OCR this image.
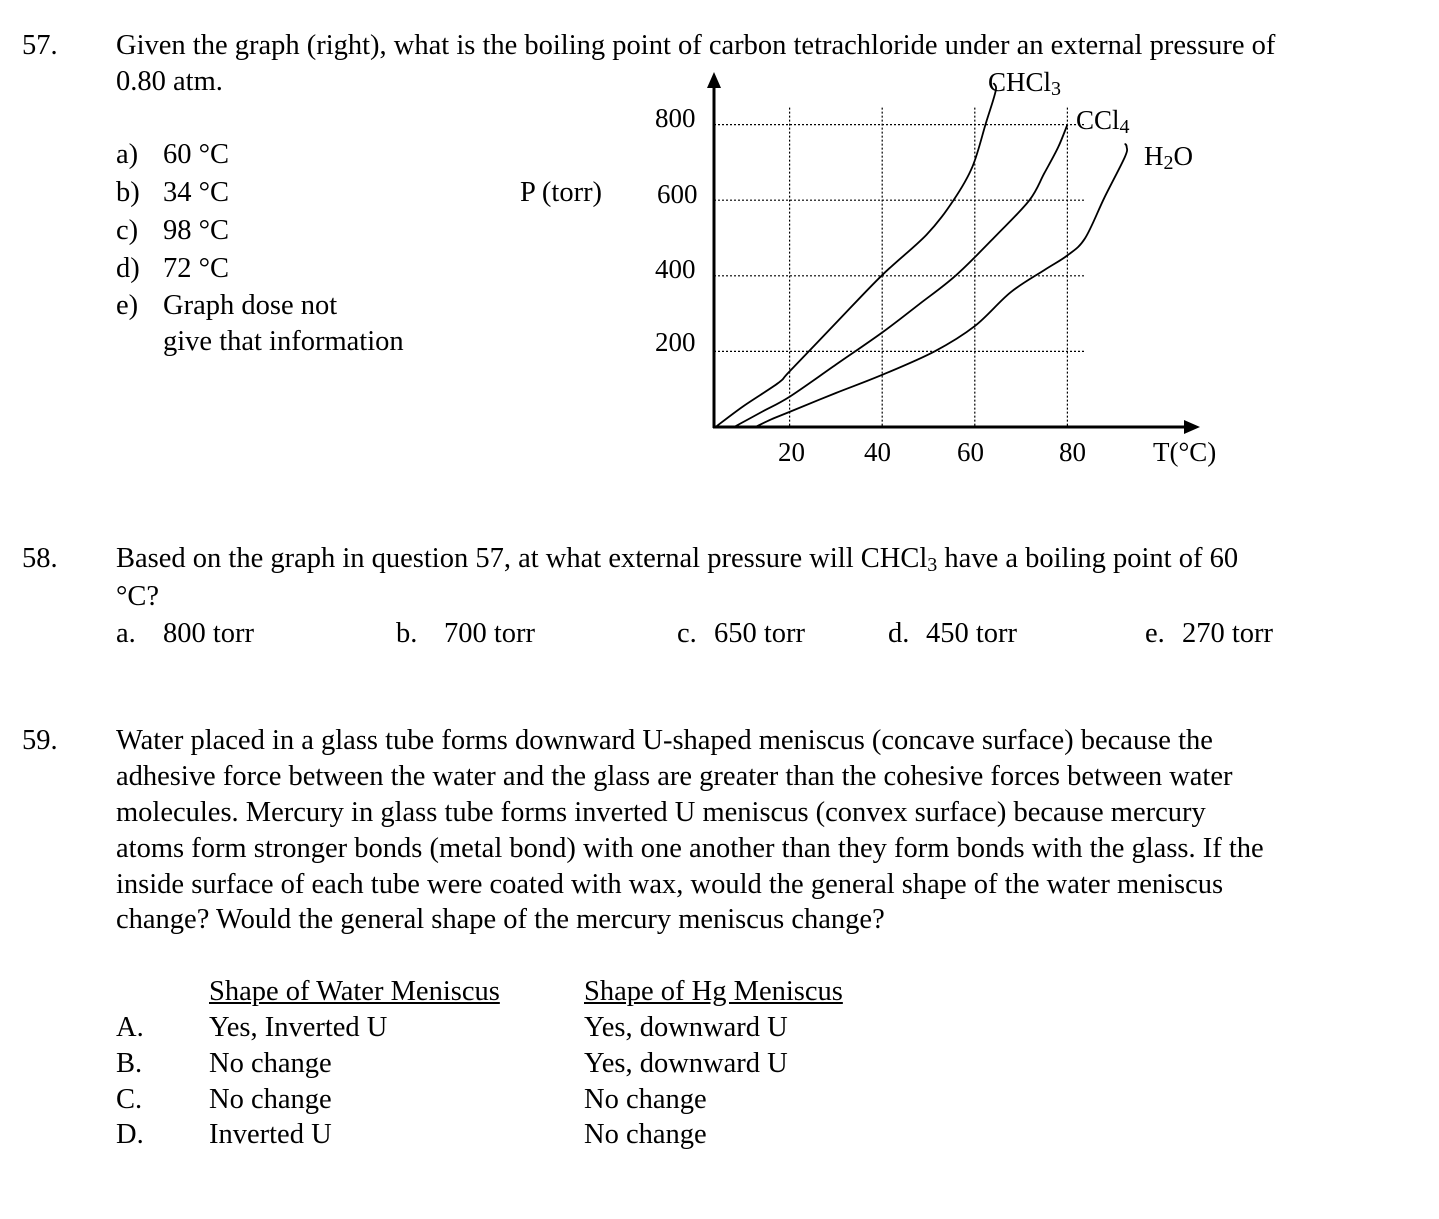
57. Given the graph (right), what is the boiling point of carbon tetrachloride under an external pressure of
0.80 atm.
a) 60 °C
b) 34 °C
c) 98 °C
d) 72 °C
e) Graph dose not
give that information
P (torr)
800
600
400
200
20 40 60	80 T(°C)
CHCl3
CCl4
H2O
58. Based on the graph in question 57, at what external pressure will CHCl3 have a boiling point of 60
°C?
a. 800 torr	b. 700 torr	c. 650 torr	d. 450 torr	e. 270 torr
59. Water placed in a glass tube forms downward U-shaped meniscus (concave surface) because the
adhesive force between the water and the glass are greater than the cohesive forces between water
molecules. Mercury in glass tube forms inverted U meniscus (convex surface) because mercury
atoms form stronger bonds (metal bond) with one another than they form bonds with the glass. If the
inside surface of each tube were coated with wax, would the general shape of the water meniscus
change? Would the general shape of the mercury meniscus change?
Shape of Water Meniscus	Shape of Hg Meniscus
A. Yes, Inverted U	Yes, downward U
B. No change	Yes, downward U
C. No change	No change
D. Inverted U	No change
